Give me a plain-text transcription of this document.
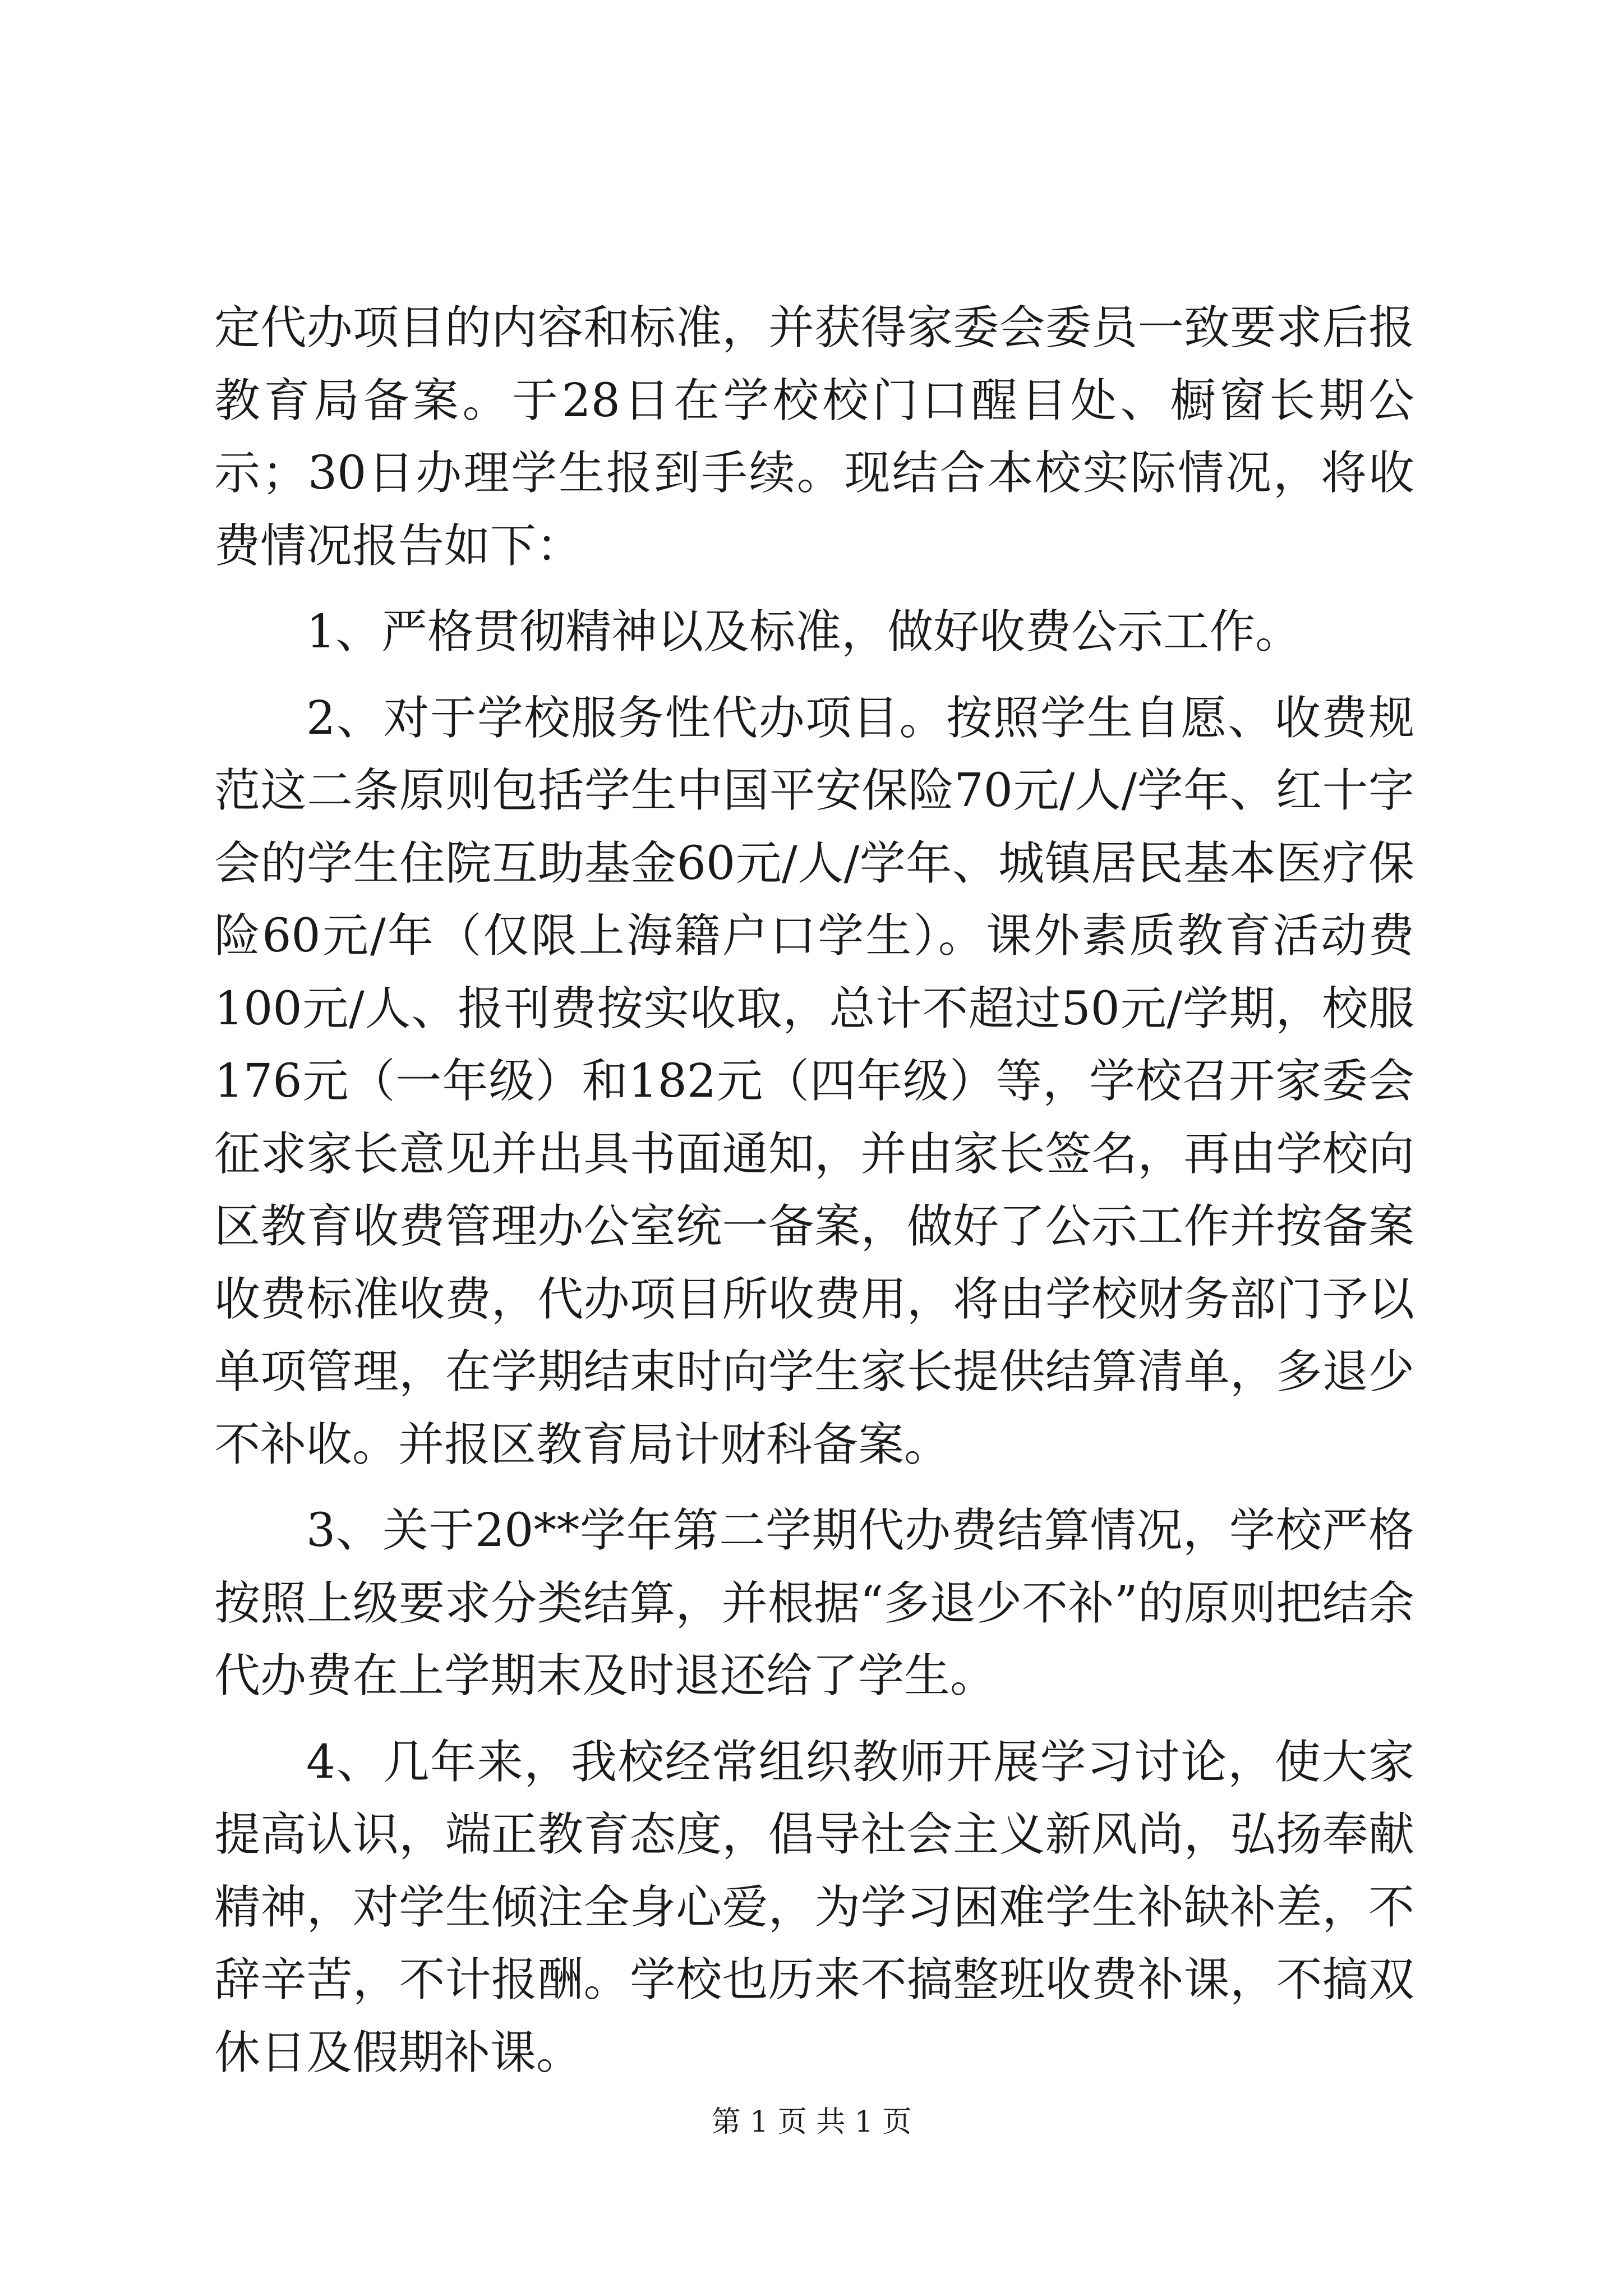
定代办项目的内容和标准，并获得家委会委员一致要求后报教育局备案。于28日在学校校门口醒目处、橱窗长期公示；30日办理学生报到手续。现结合本校实际情况，将收费情况报告如下：

1、严格贯彻精神以及标准，做好收费公示工作。

2、对于学校服务性代办项目。按照学生自愿、收费规范这二条原则包括学生中国平安保险70元/人/学年、红十字会的学生住院互助基金60元/人/学年、城镇居民基本医疗保险60元/年（仅限上海籍户口学生）。课外素质教育活动费100元/人、报刊费按实收取，总计不超过50元/学期，校服176元（一年级）和182元（四年级）等，学校召开家委会征求家长意见并出具书面通知，并由家长签名，再由学校向区教育收费管理办公室统一备案，做好了公示工作并按备案收费标准收费，代办项目所收费用，将由学校财务部门予以单项管理，在学期结束时向学生家长提供结算清单，多退少不补收。并报区教育局计财科备案。

3、关于20**学年第二学期代办费结算情况，学校严格按照上级要求分类结算，并根据“多退少不补”的原则把结余代办费在上学期末及时退还给了学生。

4、几年来，我校经常组织教师开展学习讨论，使大家提高认识，端正教育态度，倡导社会主义新风尚，弘扬奉献精神，对学生倾注全身心爱，为学习困难学生补缺补差，不辞辛苦，不计报酬。学校也历来不搞整班收费补课，不搞双休日及假期补课。

第 1 页 共 1 页
